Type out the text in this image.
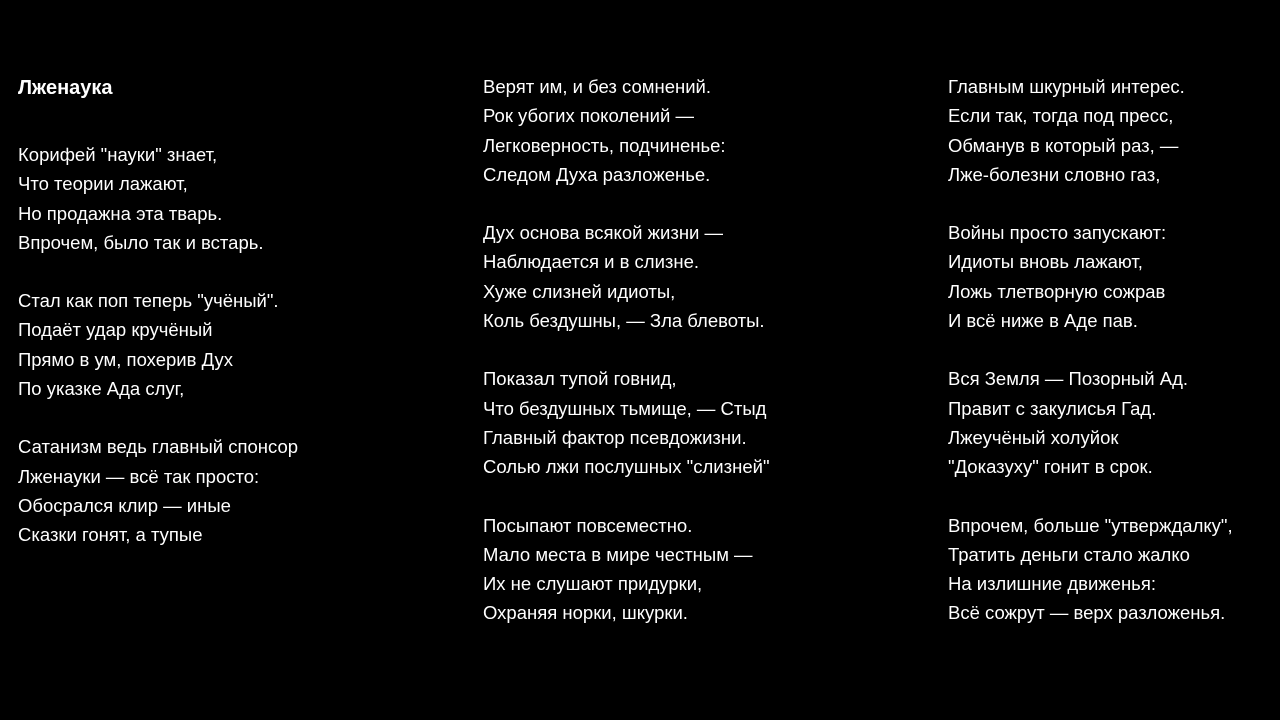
Лженаука
Корифей "науки" знает,
Что теории лажают,
Но продажна эта тварь.
Впрочем, было так и встарь.
Стал как поп теперь "учёный".
Подаёт удар кручёный
Прямо в ум, похерив Дух
По указке Ада слуг,
Сатанизм ведь главный спонсор
Лженауки — всё так просто:
Обосрался клир — иные
Сказки гонят, а тупые
Верят им, и без сомнений.
Рок убогих поколений —
Легковерность, подчиненье:
Следом Духа разложенье.
Дух основа всякой жизни —
Наблюдается и в слизне.
Хуже слизней идиоты,
Коль бездушны, — Зла блевоты.
Показал тупой говнид,
Что бездушных тьмище, — Стыд
Главный фактор псевдожизни.
Солью лжи послушных "слизней"
Посыпают повсеместно.
Мало места в мире честным —
Их не слушают придурки,
Охраняя норки, шкурки.
Главным шкурный интерес.
Если так, тогда под пресс,
Обманув в который раз, —
Лже-болезни словно газ,
Войны просто запускают:
Идиоты вновь лажают,
Ложь тлетворную сожрав
И всё ниже в Аде пав.
Вся Земля — Позорный Ад.
Правит с закулисья Гад.
Лжеучёный холуйок
"Доказуху" гонит в срок.
Впрочем, больше "утверждалку",
Тратить деньги стало жалко
На излишние движенья:
Всё сожрут — верх разложенья.
